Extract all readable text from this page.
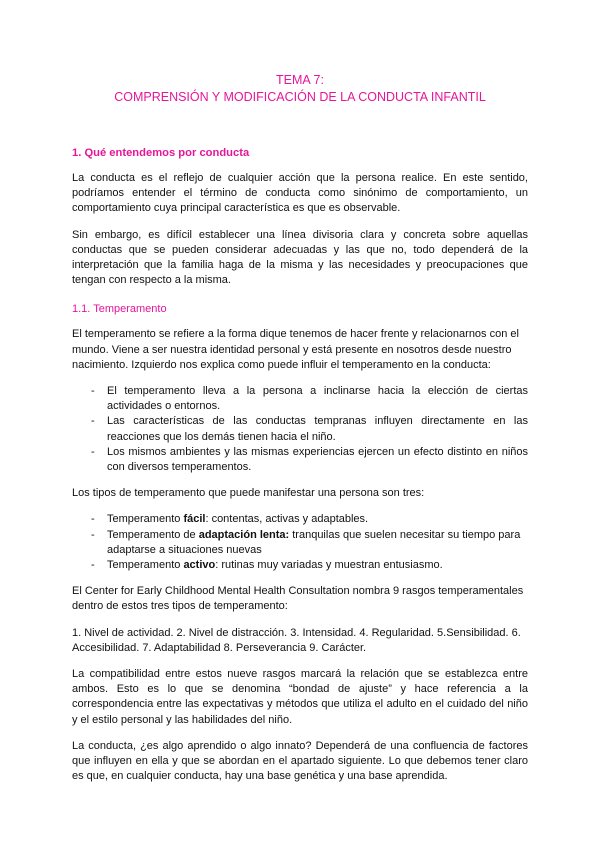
TEMA 7:
COMPRENSIÓN Y MODIFICACIÓN DE LA CONDUCTA INFANTIL
1. Qué entendemos por conducta

La conducta es el reflejo de cualquier acción que la persona realice. En este sentido, podríamos entender el término de conducta como sinónimo de comportamiento, un comportamiento cuya principal característica es que es observable.

Sin embargo, es difícil establecer una línea divisoria clara y concreta sobre aquellas conductas que se pueden considerar adecuadas y las que no, todo dependerá de la interpretación que la familia haga de la misma y las necesidades y preocupaciones que tengan con respecto a la misma.

1.1. Temperamento

El temperamento se refiere a la forma dique tenemos de hacer frente y relacionarnos con el mundo. Viene a ser nuestra identidad personal y está presente en nosotros desde nuestro nacimiento. Izquierdo nos explica como puede influir el temperamento en la conducta:

- El temperamento lleva a la persona a inclinarse hacia la elección de ciertas actividades o entornos.
- Las características de las conductas tempranas influyen directamente en las reacciones que los demás tienen hacia el niño.
- Los mismos ambientes y las mismas experiencias ejercen un efecto distinto en niños con diversos temperamentos.

Los tipos de temperamento que puede manifestar una persona son tres:

- Temperamento fácil: contentas, activas y adaptables.
- Temperamento de adaptación lenta: tranquilas que suelen necesitar su tiempo para adaptarse a situaciones nuevas
- Temperamento activo: rutinas muy variadas y muestran entusiasmo.

El Center for Early Childhood Mental Health Consultation nombra 9 rasgos temperamentales dentro de estos tres tipos de temperamento:

1. Nivel de actividad. 2. Nivel de distracción. 3. Intensidad. 4. Regularidad. 5.Sensibilidad. 6. Accesibilidad. 7. Adaptabilidad 8. Perseverancia 9. Carácter.

La compatibilidad entre estos nueve rasgos marcará la relación que se establezca entre ambos. Esto es lo que se denomina “bondad de ajuste” y hace referencia a la correspondencia entre las expectativas y métodos que utiliza el adulto en el cuidado del niño y el estilo personal y las habilidades del niño.

La conducta, ¿es algo aprendido o algo innato? Dependerá de una confluencia de factores que influyen en ella y que se abordan en el apartado siguiente. Lo que debemos tener claro es que, en cualquier conducta, hay una base genética y una base aprendida.
